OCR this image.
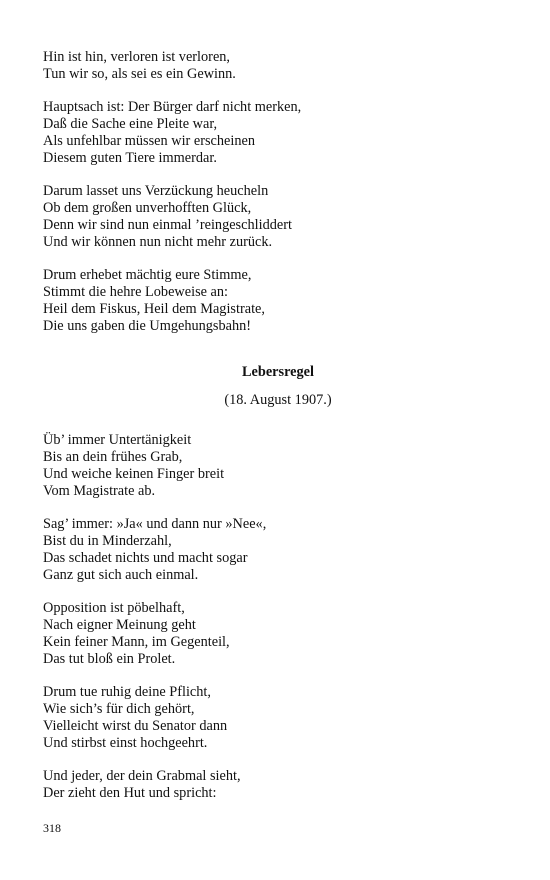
Hin ist hin, verloren ist verloren,
Tun wir so, als sei es ein Gewinn.
Hauptsach ist: Der Bürger darf nicht merken,
Daß die Sache eine Pleite war,
Als unfehlbar müssen wir erscheinen
Diesem guten Tiere immerdar.
Darum lasset uns Verzückung heucheln
Ob dem großen unverhofften Glück,
Denn wir sind nun einmal ’reingeschliddert
Und wir können nun nicht mehr zurück.
Drum erhebet mächtig eure Stimme,
Stimmt die hehre Lobeweise an:
Heil dem Fiskus, Heil dem Magistrate,
Die uns gaben die Umgehungsbahn!
Lebersregel
(18. August 1907.)
Üb’ immer Untertänigkeit
Bis an dein frühes Grab,
Und weiche keinen Finger breit
Vom Magistrate ab.
Sag’ immer: »Ja« und dann nur »Nee«,
Bist du in Minderzahl,
Das schadet nichts und macht sogar
Ganz gut sich auch einmal.
Opposition ist pöbelhaft,
Nach eigner Meinung geht
Kein feiner Mann, im Gegenteil,
Das tut bloß ein Prolet.
Drum tue ruhig deine Pflicht,
Wie sich’s für dich gehört,
Vielleicht wirst du Senator dann
Und stirbst einst hochgeehrt.
Und jeder, der dein Grabmal sieht,
Der zieht den Hut und spricht:
318
